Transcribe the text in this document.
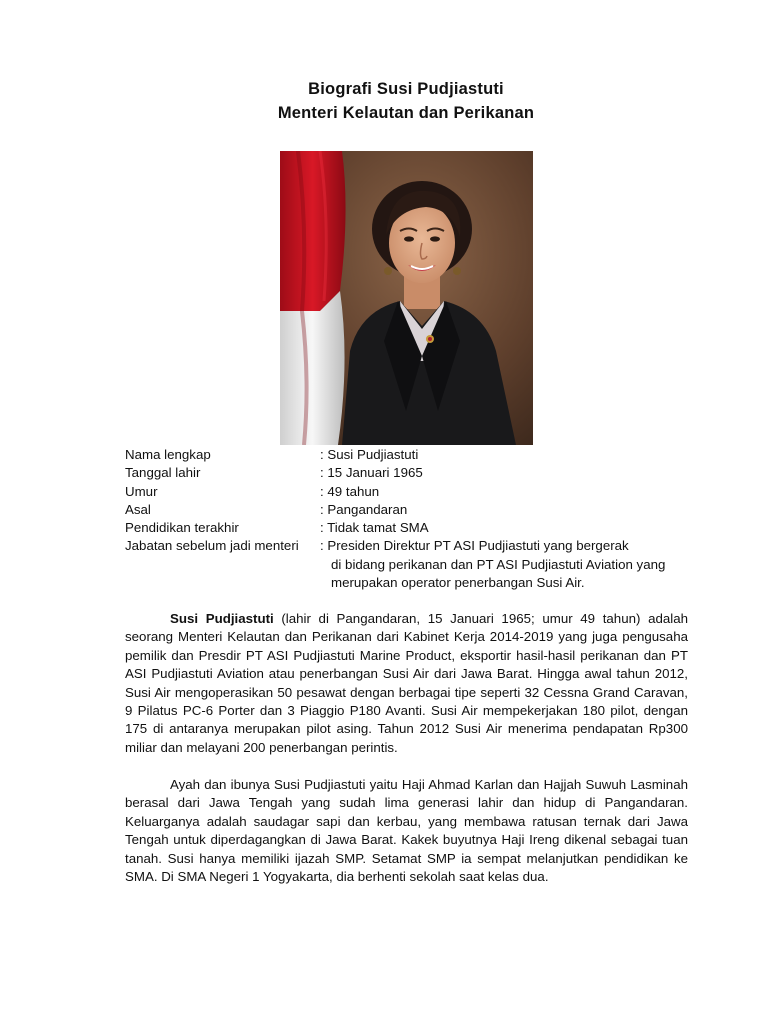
Biografi Susi Pudjiastuti
Menteri Kelautan dan Perikanan
Nama lengkap	: Susi Pudjiastuti
Tanggal lahir	: 15 Januari 1965
Umur	: 49 tahun
Asal	: Pangandaran
Pendidikan terakhir	: Tidak tamat SMA
Jabatan sebelum jadi menteri	: Presiden Direktur PT ASI Pudjiastuti yang bergerak
di bidang perikanan dan PT ASI Pudjiastuti Aviation yang
merupakan operator penerbangan Susi Air.

Susi Pudjiastuti (lahir di Pangandaran, 15 Januari 1965; umur 49 tahun) adalah seorang Menteri Kelautan dan Perikanan dari Kabinet Kerja 2014-2019 yang juga pengusaha pemilik dan Presdir PT ASI Pudjiastuti Marine Product, eksportir hasil-hasil perikanan dan PT ASI Pudjiastuti Aviation atau penerbangan Susi Air dari Jawa Barat. Hingga awal tahun 2012, Susi Air mengoperasikan 50 pesawat dengan berbagai tipe seperti 32 Cessna Grand Caravan, 9 Pilatus PC-6 Porter dan 3 Piaggio P180 Avanti. Susi Air mempekerjakan 180 pilot, dengan 175 di antaranya merupakan pilot asing. Tahun 2012 Susi Air menerima pendapatan Rp300 miliar dan melayani 200 penerbangan perintis.

Ayah dan ibunya Susi Pudjiastuti yaitu Haji Ahmad Karlan dan Hajjah Suwuh Lasminah berasal dari Jawa Tengah yang sudah lima generasi lahir dan hidup di Pangandaran. Keluarganya adalah saudagar sapi dan kerbau, yang membawa ratusan ternak dari Jawa Tengah untuk diperdagangkan di Jawa Barat. Kakek buyutnya Haji Ireng dikenal sebagai tuan tanah. Susi hanya memiliki ijazah SMP. Setamat SMP ia sempat melanjutkan pendidikan ke SMA. Di SMA Negeri 1 Yogyakarta, dia berhenti sekolah saat kelas dua.
